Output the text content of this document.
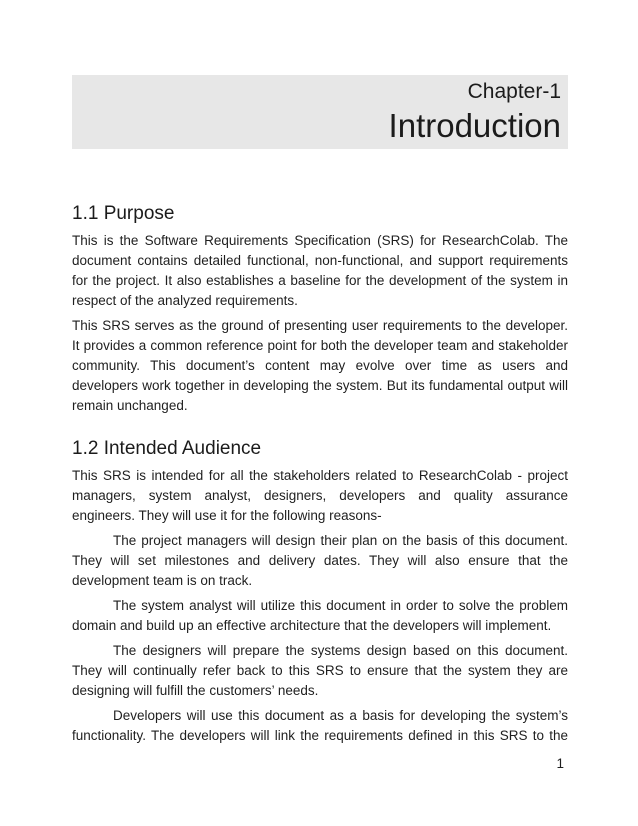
Chapter-1
Introduction
1.1 Purpose

This is the Software Requirements Specification (SRS) for ResearchColab. The document contains detailed functional, non-functional, and support requirements for the project. It also establishes a baseline for the development of the system in respect of the analyzed requirements.

This SRS serves as the ground of presenting user requirements to the developer. It provides a common reference point for both the developer team and stakeholder community. This document’s content may evolve over time as users and developers work together in developing the system. But its fundamental output will remain unchanged.

1.2 Intended Audience

This SRS is intended for all the stakeholders related to ResearchColab - project managers, system analyst, designers, developers and quality assurance engineers. They will use it for the following reasons-

The project managers will design their plan on the basis of this document. They will set milestones and delivery dates. They will also ensure that the development team is on track.

The system analyst will utilize this document in order to solve the problem domain and build up an effective architecture that the developers will implement.

The designers will prepare the systems design based on this document. They will continually refer back to this SRS to ensure that the system they are designing will fulfill the customers’ needs.

Developers will use this document as a basis for developing the system’s functionality. The developers will link the requirements defined in this SRS to the

1
